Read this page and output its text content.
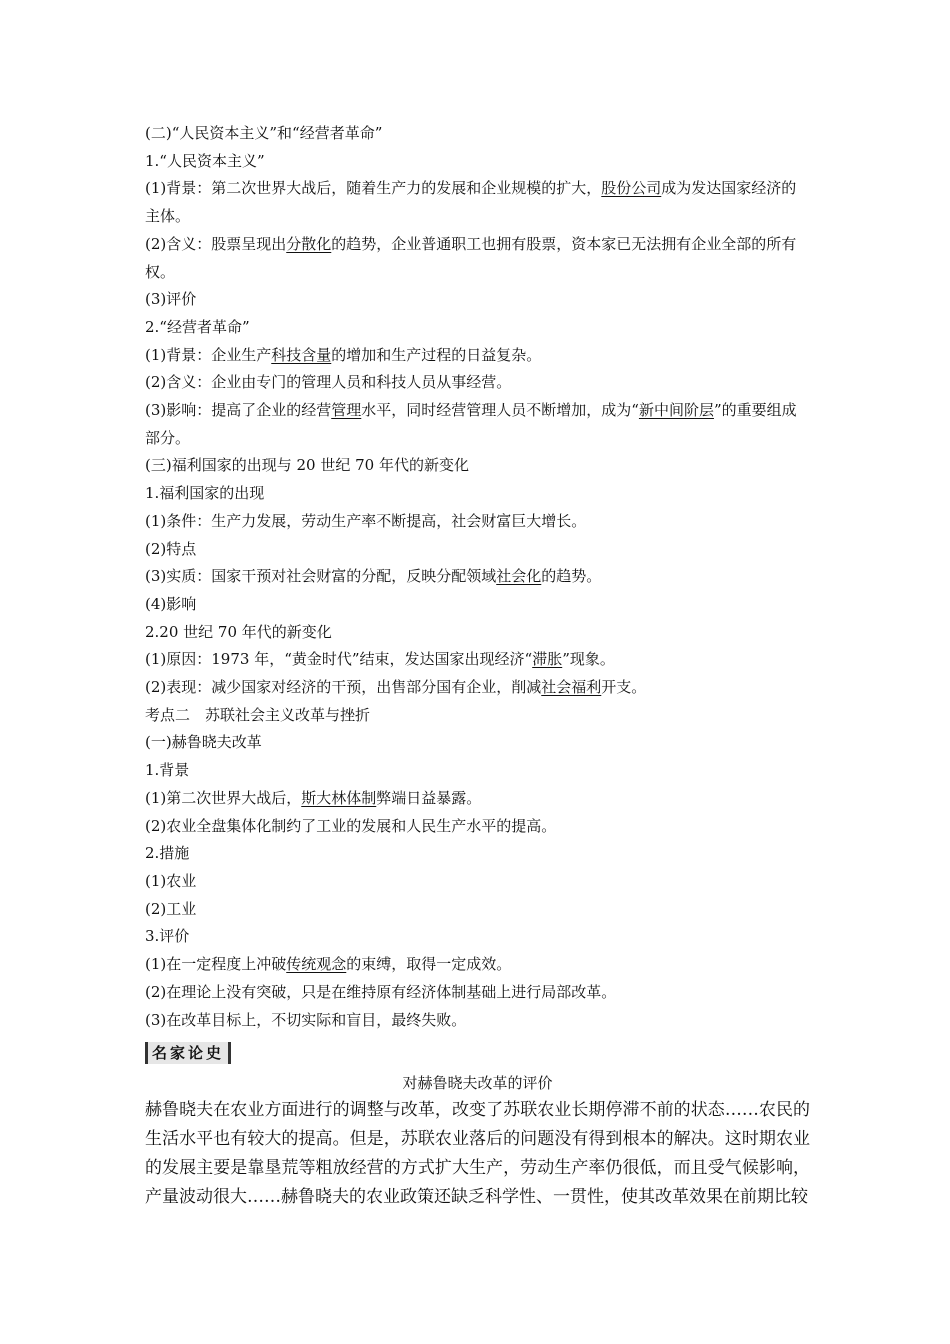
(二)“人民资本主义”和“经营者革命”

1.“人民资本主义”

(1)背景：第二次世界大战后，随着生产力的发展和企业规模的扩大，股份公司成为发达国家经济的主体。

(2)含义：股票呈现出分散化的趋势，企业普通职工也拥有股票，资本家已无法拥有企业全部的所有权。

(3)评价

2.“经营者革命”

(1)背景：企业生产科技含量的增加和生产过程的日益复杂。

(2)含义：企业由专门的管理人员和科技人员从事经营。

(3)影响：提高了企业的经营管理水平，同时经营管理人员不断增加，成为“新中间阶层”的重要组成部分。

(三)福利国家的出现与 20 世纪 70 年代的新变化

1.福利国家的出现

(1)条件：生产力发展，劳动生产率不断提高，社会财富巨大增长。

(2)特点

(3)实质：国家干预对社会财富的分配，反映分配领域社会化的趋势。

(4)影响

2.20 世纪 70 年代的新变化

(1)原因：1973 年，“黄金时代”结束，发达国家出现经济“滞胀”现象。

(2)表现：减少国家对经济的干预，出售部分国有企业，削减社会福利开支。

考点二　苏联社会主义改革与挫折

(一)赫鲁晓夫改革

1.背景

(1)第二次世界大战后，斯大林体制弊端日益暴露。

(2)农业全盘集体化制约了工业的发展和人民生产水平的提高。

2.措施

(1)农业

(2)工业

3.评价

(1)在一定程度上冲破传统观念的束缚，取得一定成效。

(2)在理论上没有突破，只是在维持原有经济体制基础上进行局部改革。

(3)在改革目标上，不切实际和盲目，最终失败。

名家论史
对赫鲁晓夫改革的评价

赫鲁晓夫在农业方面进行的调整与改革，改变了苏联农业长期停滞不前的状态……农民的生活水平也有较大的提高。但是，苏联农业落后的问题没有得到根本的解决。这时期农业的发展主要是靠垦荒等粗放经营的方式扩大生产，劳动生产率仍很低，而且受气候影响，产量波动很大……赫鲁晓夫的农业政策还缺乏科学性、一贯性，使其改革效果在前期比较
